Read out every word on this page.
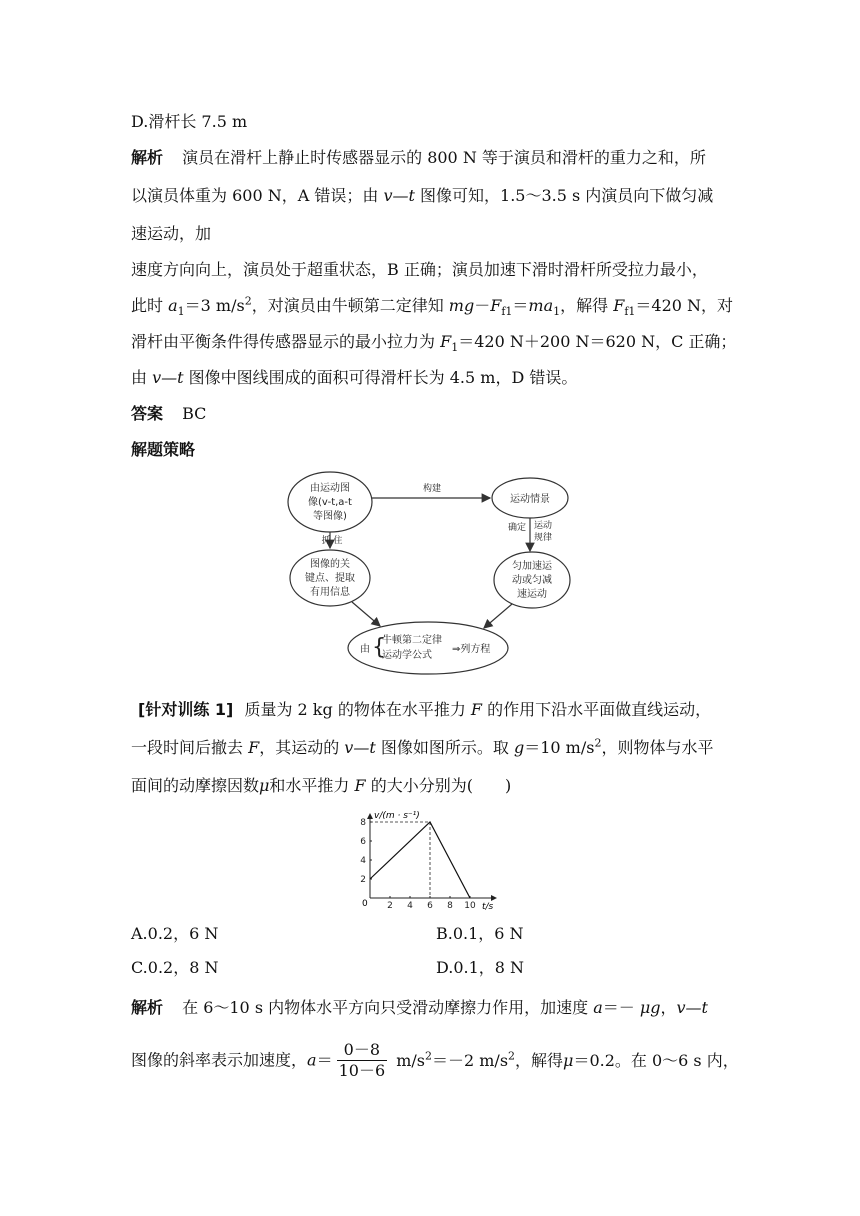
D.滑杆长 7.5 m
解析 演员在滑杆上静止时传感器显示的 800 N 等于演员和滑杆的重力之和，所
以演员体重为 600 N，A 错误；由 v—t 图像可知，1.5～3.5 s 内演员向下做匀减
速运动，加
速度方向向上，演员处于超重状态，B 正确；演员加速下滑时滑杆所受拉力最小，
此时 $a_1=3$ $m/s^2$，对演员由牛顿第二定律知 $mg-F_{f1}=ma_1$，解得 $F_{f1}=420$ N，对
滑杆由平衡条件得传感器显示的最小拉力为 $F_1=420$ N＋200 N＝620 N，C 正确；
由 v—t 图像中图线围成的面积可得滑杆长为 4.5 m，D 错误。
答案 BC
解题策略
由运动图
像(v-t,a-t
等图像)
运动情景
图像的关
键点、提取
有用信息
匀加速运
动或匀减
速运动
由 {
牛顿第二定律
运动学公式
⇒列方程
构建
抓 住
确定 运动
规律
[针对训练 1] 质量为 2 kg 的物体在水平推力 F 的作用下沿水平面做直线运动，
一段时间后撤去 F，其运动的 v—t 图像如图所示。取 g＝10 $m/s^2$，则物体与水平
面间的动摩擦因数μ和水平推力 F 的大小分别为(　　)
2 4 6 8 10
2
4
6
8
v/(m · s⁻¹)
t/s
0
A.0.2，6 N	B.0.1，6 N
C.0.2，8 N	D.0.1，8 N
解析 在 6～10 s 内物体水平方向只受滑动摩擦力作用，加速度 a＝－ μg，v—t
图像的斜率表示加速度，$a= \frac{0-8}{10-6} m/s^2=-2$ $m/s^2$，解得μ＝0.2。在 0～6 s 内，
